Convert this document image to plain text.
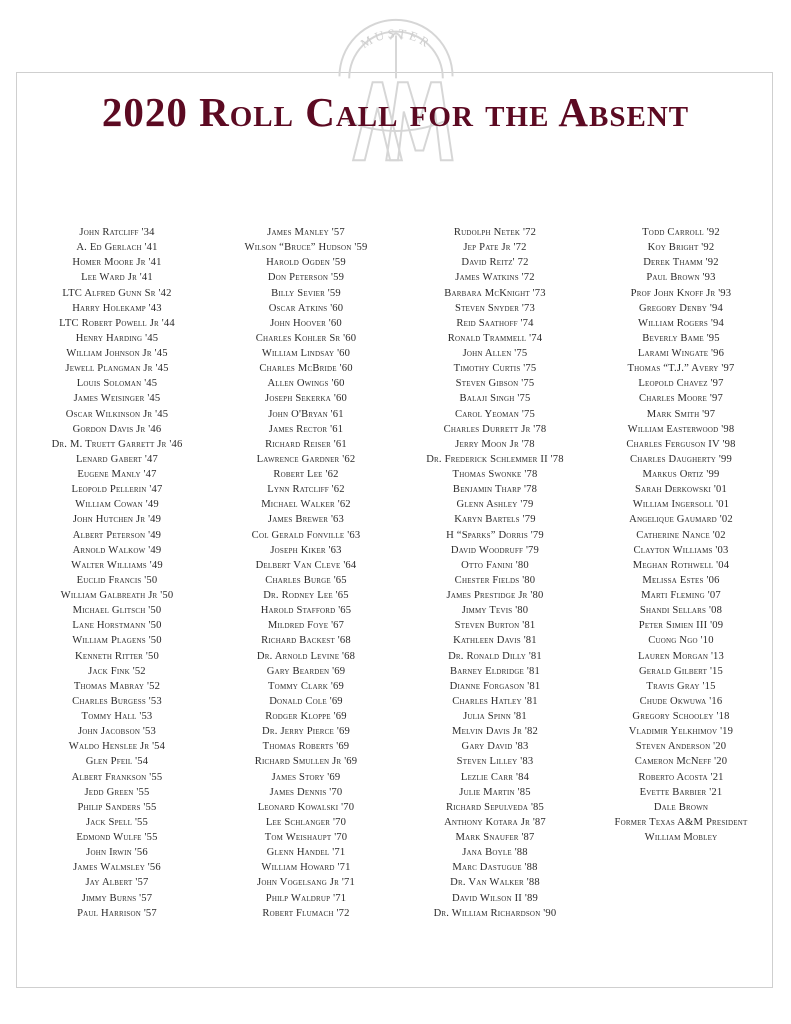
MUSTER
2020 Roll Call for the Absent
John Ratcliff '34
A. Ed Gerlach '41
Homer Moore Jr '41
Lee Ward Jr '41
LTC Alfred Gunn Sr '42
Harry Holekamp '43
LTC Robert Powell Jr '44
Henry Harding '45
William Johnson Jr '45
Jewell Plangman Jr '45
Louis Soloman '45
James Weisinger '45
Oscar Wilkinson Jr '45
Gordon Davis Jr '46
Dr. M. Truett Garrett Jr '46
Lenard Gabert '47
Eugene Manly '47
Leopold Pellerin '47
William Cowan '49
John Hutchen Jr '49
Albert Peterson '49
Arnold Walkow '49
Walter Williams '49
Euclid Francis '50
William Galbreath Jr '50
Michael Glitsch '50
Lane Horstmann '50
William Plagens '50
Kenneth Ritter '50
Jack Fink '52
Thomas Mabray '52
Charles Burgess '53
Tommy Hall '53
John Jacobson '53
Waldo Henslee Jr '54
Glen Pfeil '54
Albert Frankson '55
Jedd Green '55
Philip Sanders '55
Jack Spell '55
Edmond Wulfe '55
John Irwin '56
James Walmsley '56
Jay Albert '57
Jimmy Burns '57
Paul Harrison '57
James Manley '57
Wilson “Bruce” Hudson '59
Harold Ogden '59
Don Peterson '59
Billy Sevier '59
Oscar Atkins '60
John Hoover '60
Charles Kohler Sr '60
William Lindsay '60
Charles McBride '60
Allen Owings '60
Joseph Sekerka '60
John O'Bryan '61
James Rector '61
Richard Reiser '61
Lawrence Gardner '62
Robert Lee '62
Lynn Ratcliff '62
Michael Walker '62
James Brewer '63
Col Gerald Fonville '63
Joseph Kiker '63
Delbert Van Cleve '64
Charles Burge '65
Dr. Rodney Lee '65
Harold Stafford '65
Mildred Foye '67
Richard Backest '68
Dr. Arnold Levine '68
Gary Bearden '69
Tommy Clark '69
Donald Cole '69
Rodger Kloppe '69
Dr. Jerry Pierce '69
Thomas Roberts '69
Richard Smullen Jr '69
James Story '69
James Dennis '70
Leonard Kowalski '70
Lee Schlanger '70
Tom Weishaupt '70
Glenn Handel '71
William Howard '71
John Vogelsang Jr '71
Philp Waldrup '71
Robert Flumach '72
Rudolph Netek '72
Jep Pate Jr '72
David Reitz' 72
James Watkins '72
Barbara McKnight '73
Steven Snyder '73
Reid Saathoff '74
Ronald Trammell '74
John Allen '75
Timothy Curtis '75
Steven Gibson '75
Balaji Singh '75
Carol Yeoman '75
Charles Durrett Jr '78
Jerry Moon Jr '78
Dr. Frederick Schlemmer II '78
Thomas Swonke '78
Benjamin Tharp '78
Glenn Ashley '79
Karyn Bartels '79
H “Sparks” Dorris '79
David Woodruff '79
Otto Fanini '80
Chester Fields '80
James Prestidge Jr '80
Jimmy Tevis '80
Steven Burton '81
Kathleen Davis '81
Dr. Ronald Dilly '81
Barney Eldridge '81
Dianne Forgason '81
Charles Hatley '81
Julia Spinn '81
Melvin Davis Jr '82
Gary David '83
Steven Lilley '83
Lezlie Carr '84
Julie Martin '85
Richard Sepulveda '85
Anthony Kotara Jr '87
Mark Snaufer '87
Jana Boyle '88
Marc Dastugue '88
Dr. Van Walker '88
David Wilson II '89
Dr. William Richardson '90
Todd Carroll '92
Koy Bright '92
Derek Thamm '92
Paul Brown '93
Prof John Knoff Jr '93
Gregory Denby '94
William Rogers '94
Beverly Bame '95
Larami Wingate '96
Thomas “T.J.” Avery '97
Leopold Chavez '97
Charles Moore '97
Mark Smith '97
William Easterwood '98
Charles Ferguson IV '98
Charles Daugherty '99
Markus Ortiz '99
Sarah Derkowski '01
William Ingersoll '01
Angelique Gaumard '02
Catherine Nance '02
Clayton Williams '03
Meghan Rothwell '04
Melissa Estes '06
Marti Fleming '07
Shandi Sellars '08
Peter Simien III '09
Cuong Ngo '10
Lauren Morgan '13
Gerald Gilbert '15
Travis Gray '15
Chude Okwuwa '16
Gregory Schooley '18
Vladimir Yelkhimov '19
Steven Anderson '20
Cameron McNeff '20
Roberto Acosta '21
Evette Barbier '21
Dale Brown
Former Texas A&M President
William Mobley
